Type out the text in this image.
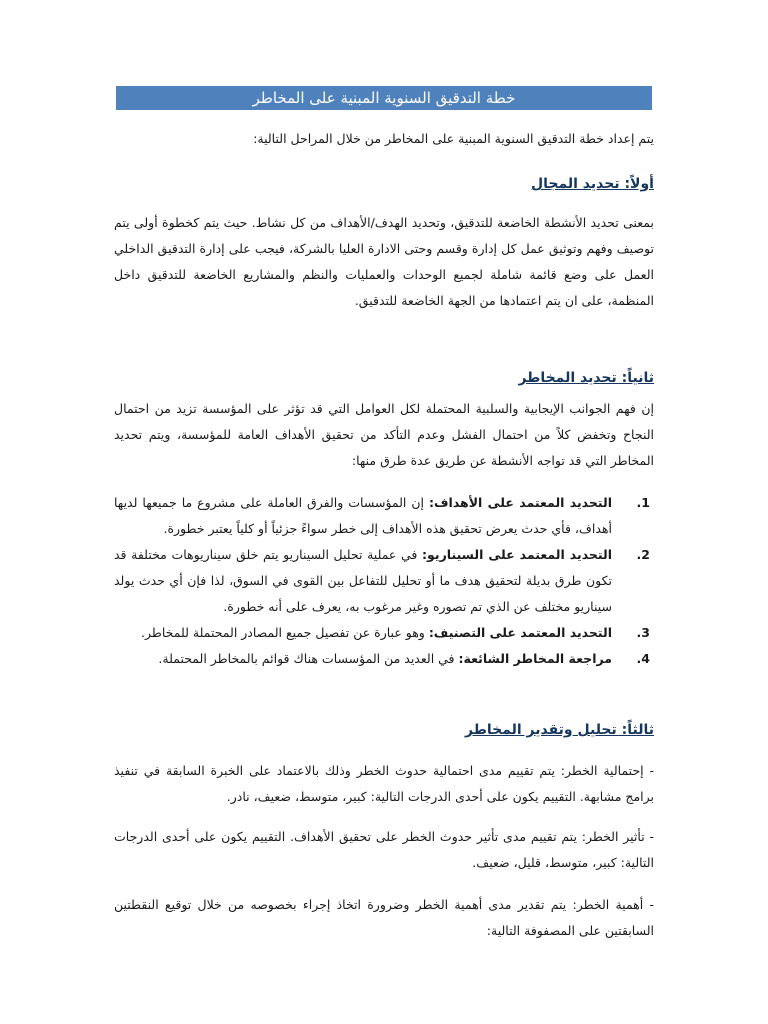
خطة التدقيق السنوية المبنية على المخاطر

يتم إعداد خطة التدقيق السنوية المبنية على المخاطر من خلال المراحل التالية:

أولاً: تحديد المجال

بمعنى تحديد الأنشطة الخاضعة للتدقيق، وتحديد الهدف/الأهداف من كل نشاط. حيث يتم كخطوة أولى يتم توصيف وفهم وتوثيق عمل كل إدارة وقسم وحتى الادارة العليا بالشركة، فيجب على إدارة التدقيق الداخلي العمل على وضع قائمة شاملة لجميع الوحدات والعمليات والنظم والمشاريع الخاضعة للتدقيق داخل المنظمة، على ان يتم اعتمادها من الجهة الخاضعة للتدقيق.

ثانياً: تحديد المخاطر

إن فهم الجوانب الإيجابية والسلبية المحتملة لكل العوامل التي قد تؤثر على المؤسسة تزيد من احتمال النجاح وتخفض كلاً من احتمال الفشل وعدم التأكد من تحقيق الأهداف العامة للمؤسسة، ويتم تحديد المخاطر التي قد تواجه الأنشطة عن طريق عدة طرق منها:

1.
التحديد المعتمد على الأهداف: إن المؤسسات والفرق العاملة على مشروع ما جميعها لديها أهداف، فأي حدث يعرض تحقيق هذه الأهداف إلى خطر سواءً جزئياً أو كلياً يعتبر خطورة.
2.
التحديد المعتمد على السيناريو: في عملية تحليل السيناريو يتم خلق سيناريوهات مختلفة قد تكون طرق بديلة لتحقيق هدف ما أو تحليل للتفاعل بين القوى في السوق، لذا فإن أي حدث يولد سيناريو مختلف عن الذي تم تصوره وغير مرغوب به، يعرف على أنه خطورة.
3.
التحديد المعتمد على التصنيف: وهو عبارة عن تفصيل جميع المصادر المحتملة للمخاطر.
4.
مراجعة المخاطر الشائعة: في العديد من المؤسسات هناك قوائم بالمخاطر المحتملة.
ثالثاً: تحليل وتقدير المخاطر

- إحتمالية الخطر: يتم تقييم مدى احتمالية حدوث الخطر وذلك بالاعتماد على الخبرة السابقة في تنفيذ برامج مشابهة. التقييم يكون على أحدى الدرجات التالية: كبير، متوسط، ضعيف، نادر.

- تأثير الخطر: يتم تقييم مدى تأثير حدوث الخطر على تحقيق الأهداف. التقييم يكون على أحدى الدرجات التالية: كبير، متوسط، قليل، ضعيف.

- أهمية الخطر: يتم تقدير مدى أهمية الخطر وضرورة اتخاذ إجراء بخصوصه من خلال توقيع النقطتين السابقتين على المصفوفة التالية:
